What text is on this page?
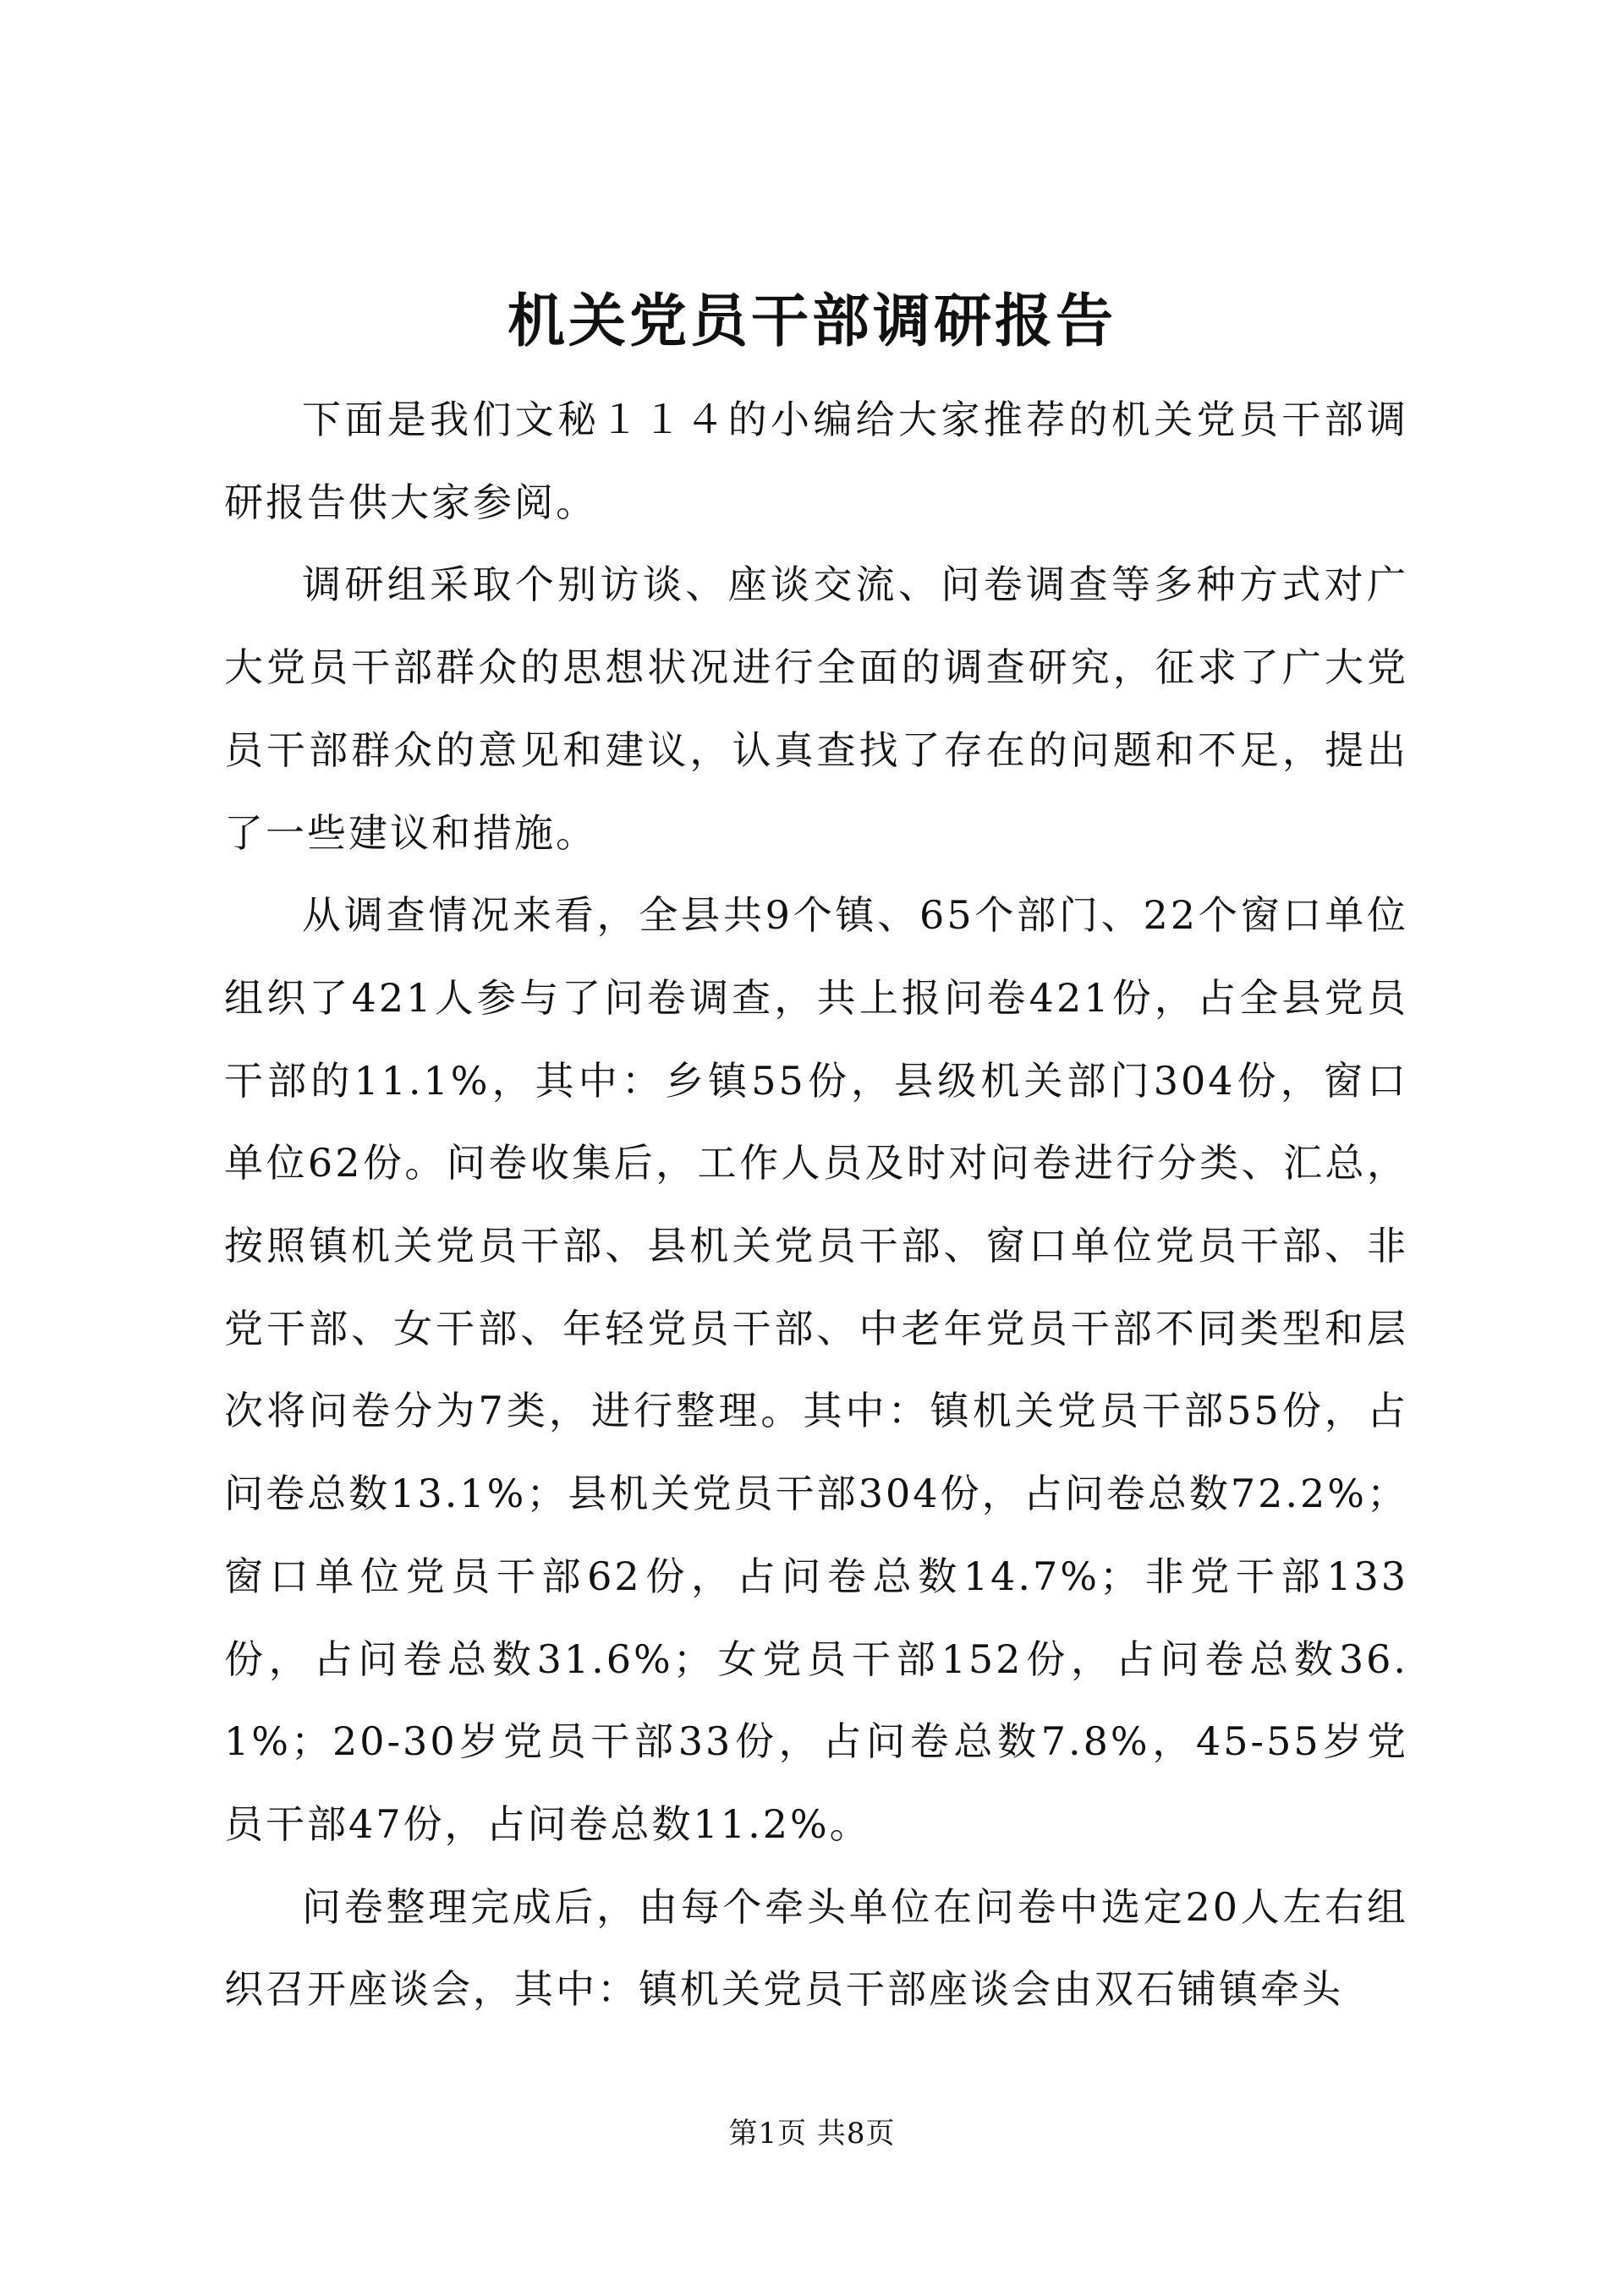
机关党员干部调研报告

下面是我们文秘１１４的小编给大家推荐的机关党员干部调研报告供大家参阅。

调研组采取个别访谈、座谈交流、问卷调查等多种方式对广大党员干部群众的思想状况进行全面的调查研究，征求了广大党员干部群众的意见和建议，认真查找了存在的问题和不足，提出了一些建议和措施。

从调查情况来看，全县共9个镇、65个部门、22个窗口单位组织了421人参与了问卷调查，共上报问卷421份，占全县党员干部的11.1%，其中：乡镇55份，县级机关部门304份，窗口单位62份。问卷收集后，工作人员及时对问卷进行分类、汇总，按照镇机关党员干部、县机关党员干部、窗口单位党员干部、非党干部、女干部、年轻党员干部、中老年党员干部不同类型和层次将问卷分为7类，进行整理。其中：镇机关党员干部55份，占问卷总数13.1%；县机关党员干部304份，占问卷总数72.2%；窗口单位党员干部62份，占问卷总数14.7%；非党干部133份，占问卷总数31.6%；女党员干部152份，占问卷总数36.1%；20-30岁党员干部33份，占问卷总数7.8%，45-55岁党员干部47份，占问卷总数11.2%。

问卷整理完成后，由每个牵头单位在问卷中选定20人左右组织召开座谈会，其中：镇机关党员干部座谈会由双石铺镇牵头

第1页 共8页
